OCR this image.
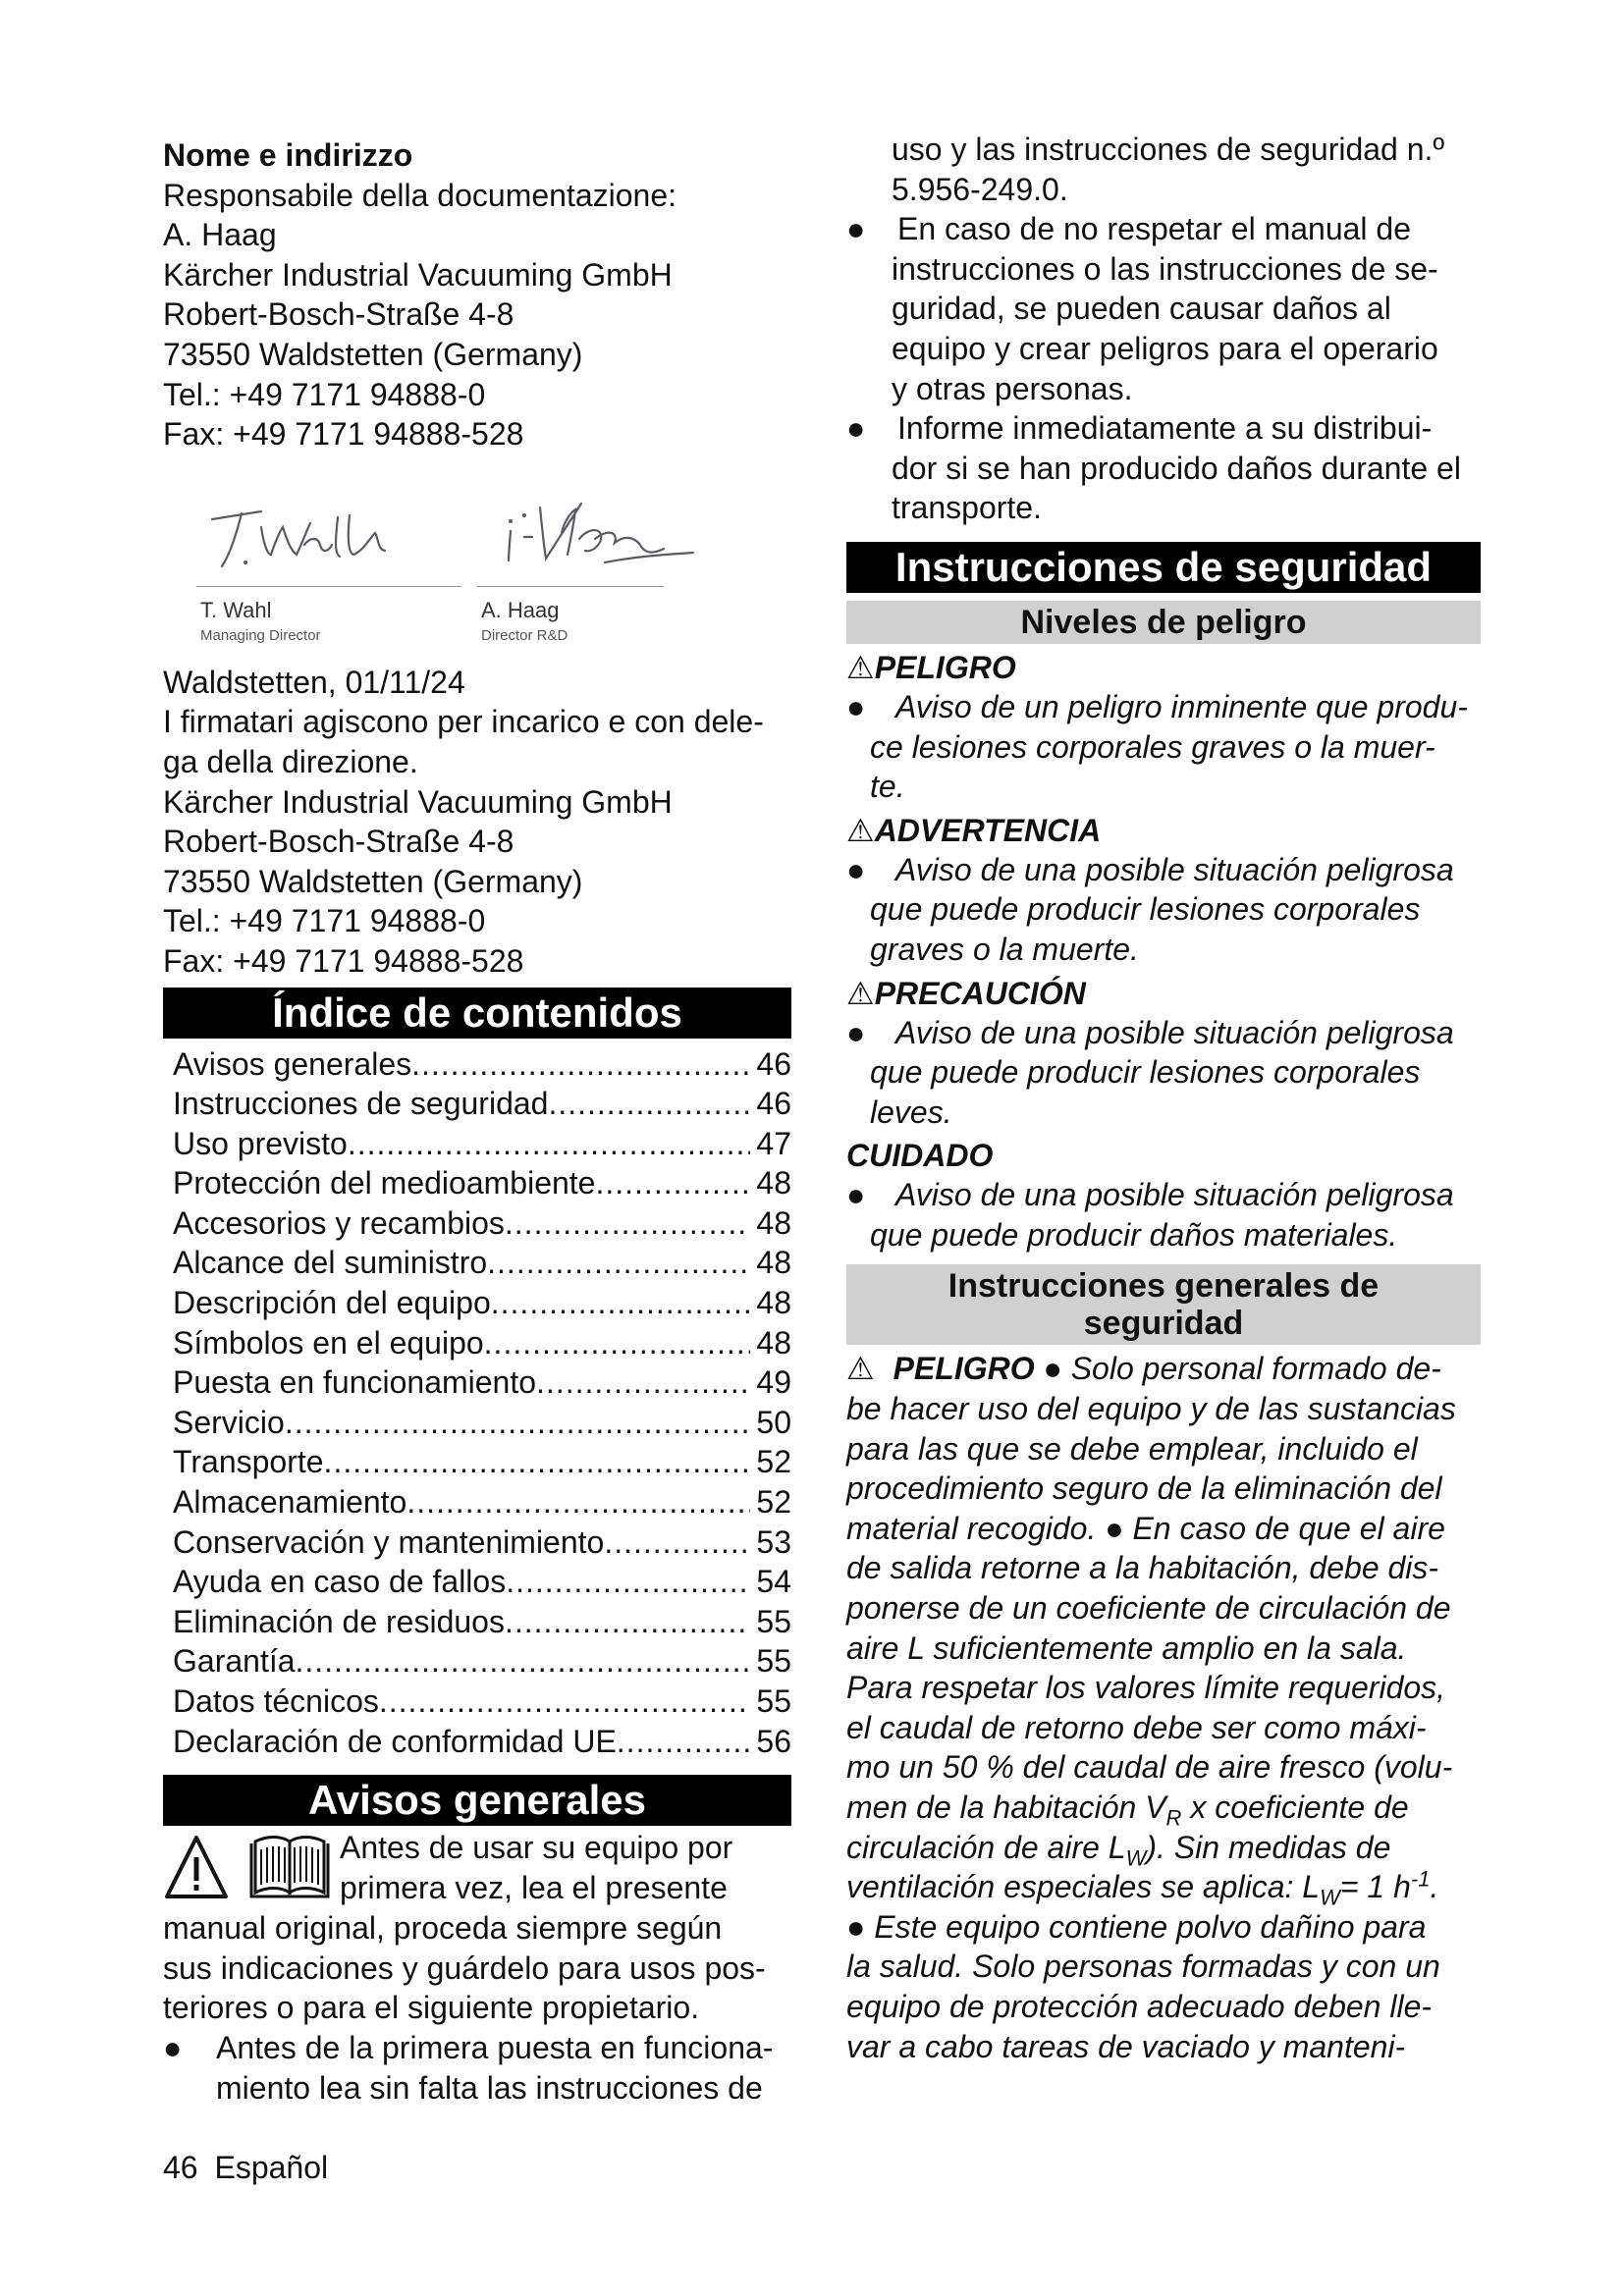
Nome e indirizzo
Responsabile della documentazione:
A. Haag
Kärcher Industrial Vacuuming GmbH
Robert-Bosch-Straße 4-8
73550 Waldstetten (Germany)
Tel.: +49 7171 94888-0
Fax: +49 7171 94888-528
T. Wahl
Managing Director
A. Haag
Director R&D
Waldstetten, 01/11/24
I firmatari agiscono per incarico e con dele-
ga della direzione.
Kärcher Industrial Vacuuming GmbH
Robert-Bosch-Straße 4-8
73550 Waldstetten (Germany)
Tel.: +49 7171 94888-0
Fax: +49 7171 94888-528
Índice de contenidos
Avisos generales .....	46
Instrucciones de seguridad .....	46
Uso previsto .....	47
Protección del medioambiente .....	48
Accesorios y recambios .....	48
Alcance del suministro .....	48
Descripción del equipo .....	48
Símbolos en el equipo .....	48
Puesta en funcionamiento .....	49
Servicio .....	50
Transporte .....	52
Almacenamiento .....	52
Conservación y mantenimiento .....	53
Ayuda en caso de fallos .....	54
Eliminación de residuos .....	55
Garantía .....	55
Datos técnicos .....	55
Declaración de conformidad UE .....	56
Avisos generales
Antes de usar su equipo por
primera vez, lea el presente
manual original, proceda siempre según
sus indicaciones y guárdelo para usos pos-
teriores o para el siguiente propietario.
●	Antes de la primera puesta en funciona-
miento lea sin falta las instrucciones de
uso y las instrucciones de seguridad n.º
5.956-249.0.
●	En caso de no respetar el manual de
instrucciones o las instrucciones de se-
guridad, se pueden causar daños al
equipo y crear peligros para el operario
y otras personas.
●	Informe inmediatamente a su distribui-
dor si se han producido daños durante el
transporte.
Instrucciones de seguridad
Niveles de peligro
⚠PELIGRO
● Aviso de un peligro inminente que produ-
ce lesiones corporales graves o la muer-
te.
⚠ADVERTENCIA
● Aviso de una posible situación peligrosa
que puede producir lesiones corporales
graves o la muerte.
⚠PRECAUCIÓN
● Aviso de una posible situación peligrosa
que puede producir lesiones corporales
leves.
CUIDADO
● Aviso de una posible situación peligrosa
que puede producir daños materiales.
Instrucciones generales de
seguridad
⚠ PELIGRO ● Solo personal formado de-
be hacer uso del equipo y de las sustancias
para las que se debe emplear, incluido el
procedimiento seguro de la eliminación del
material recogido. ● En caso de que el aire
de salida retorne a la habitación, debe dis-
ponerse de un coeficiente de circulación de
aire L suficientemente amplio en la sala.
Para respetar los valores límite requeridos,
el caudal de retorno debe ser como máxi-
mo un 50 % del caudal de aire fresco (volu-
men de la habitación $V_R$ x coeficiente de
circulación de aire $L_W$). Sin medidas de
ventilación especiales se aplica: $L_W= 1$ $h^{-1}$.
● Este equipo contiene polvo dañino para
la salud. Solo personas formadas y con un
equipo de protección adecuado deben lle-
var a cabo tareas de vaciado y manteni-
46 Español
